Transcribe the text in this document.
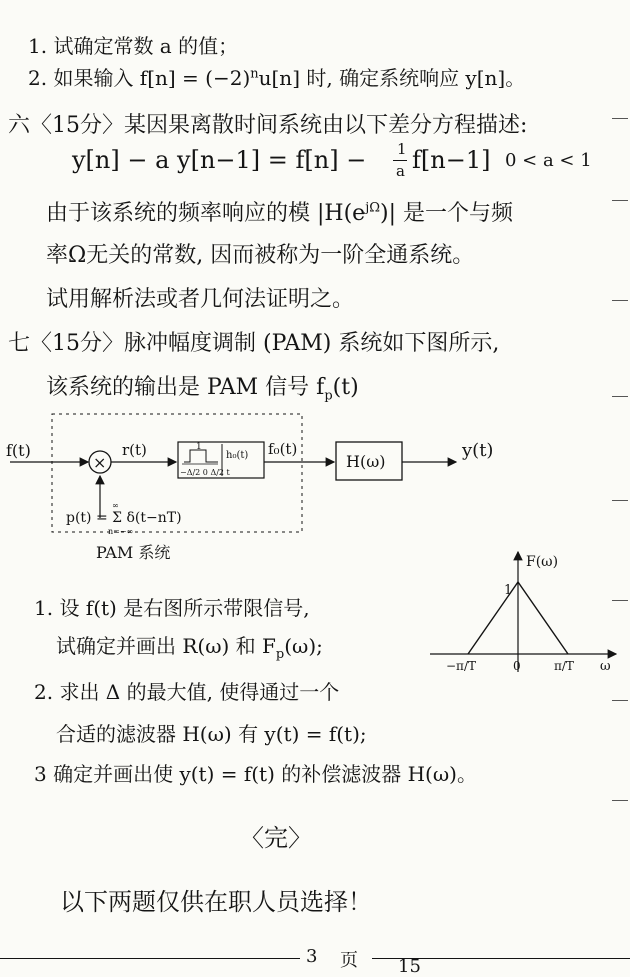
1. 试确定常数 a 的值；
2. 如果输入 $f[n] = (-2)^nu[n]$ 时, 确定系统响应 y[n]。
六〈15分〉某因果离散时间系统由以下差分方程描述:
y[n] − a y[n−1] = f[n] − 1
a f[n−1] 0 < a < 1
由于该系统的频率响应的模 $|H(e^{j\Omega})|$ 是一个与频
率Ω无关的常数, 因而被称为一阶全通系统。
试用解析法或者几何法证明之。
七〈15分〉脉冲幅度调制 (PAM) 系统如下图所示,
该系统的输出是 PAM 信号 $f_p(t)$
f(t)
×
r(t)	1
−Δ/2 0 Δ/2 t
h₀(t) f₀(t)
H(ω)
y(t)
p(t) = Σ δ(t−nT)
∞
n=−∞
PAM 系统	F(ω)
1
−π/T	0	π/T ω
1. 设 f(t) 是右图所示带限信号,
试确定并画出 R(ω) 和 $F_p(\omega)$;
2. 求出 Δ 的最大值, 使得通过一个
合适的滤波器 H(ω) 有 y(t) = f(t);
3 确定并画出使 y(t) = f(t) 的补偿滤波器 H(ω)。
〈完〉
以下两题仅供在职人员选择！
3 页 15
